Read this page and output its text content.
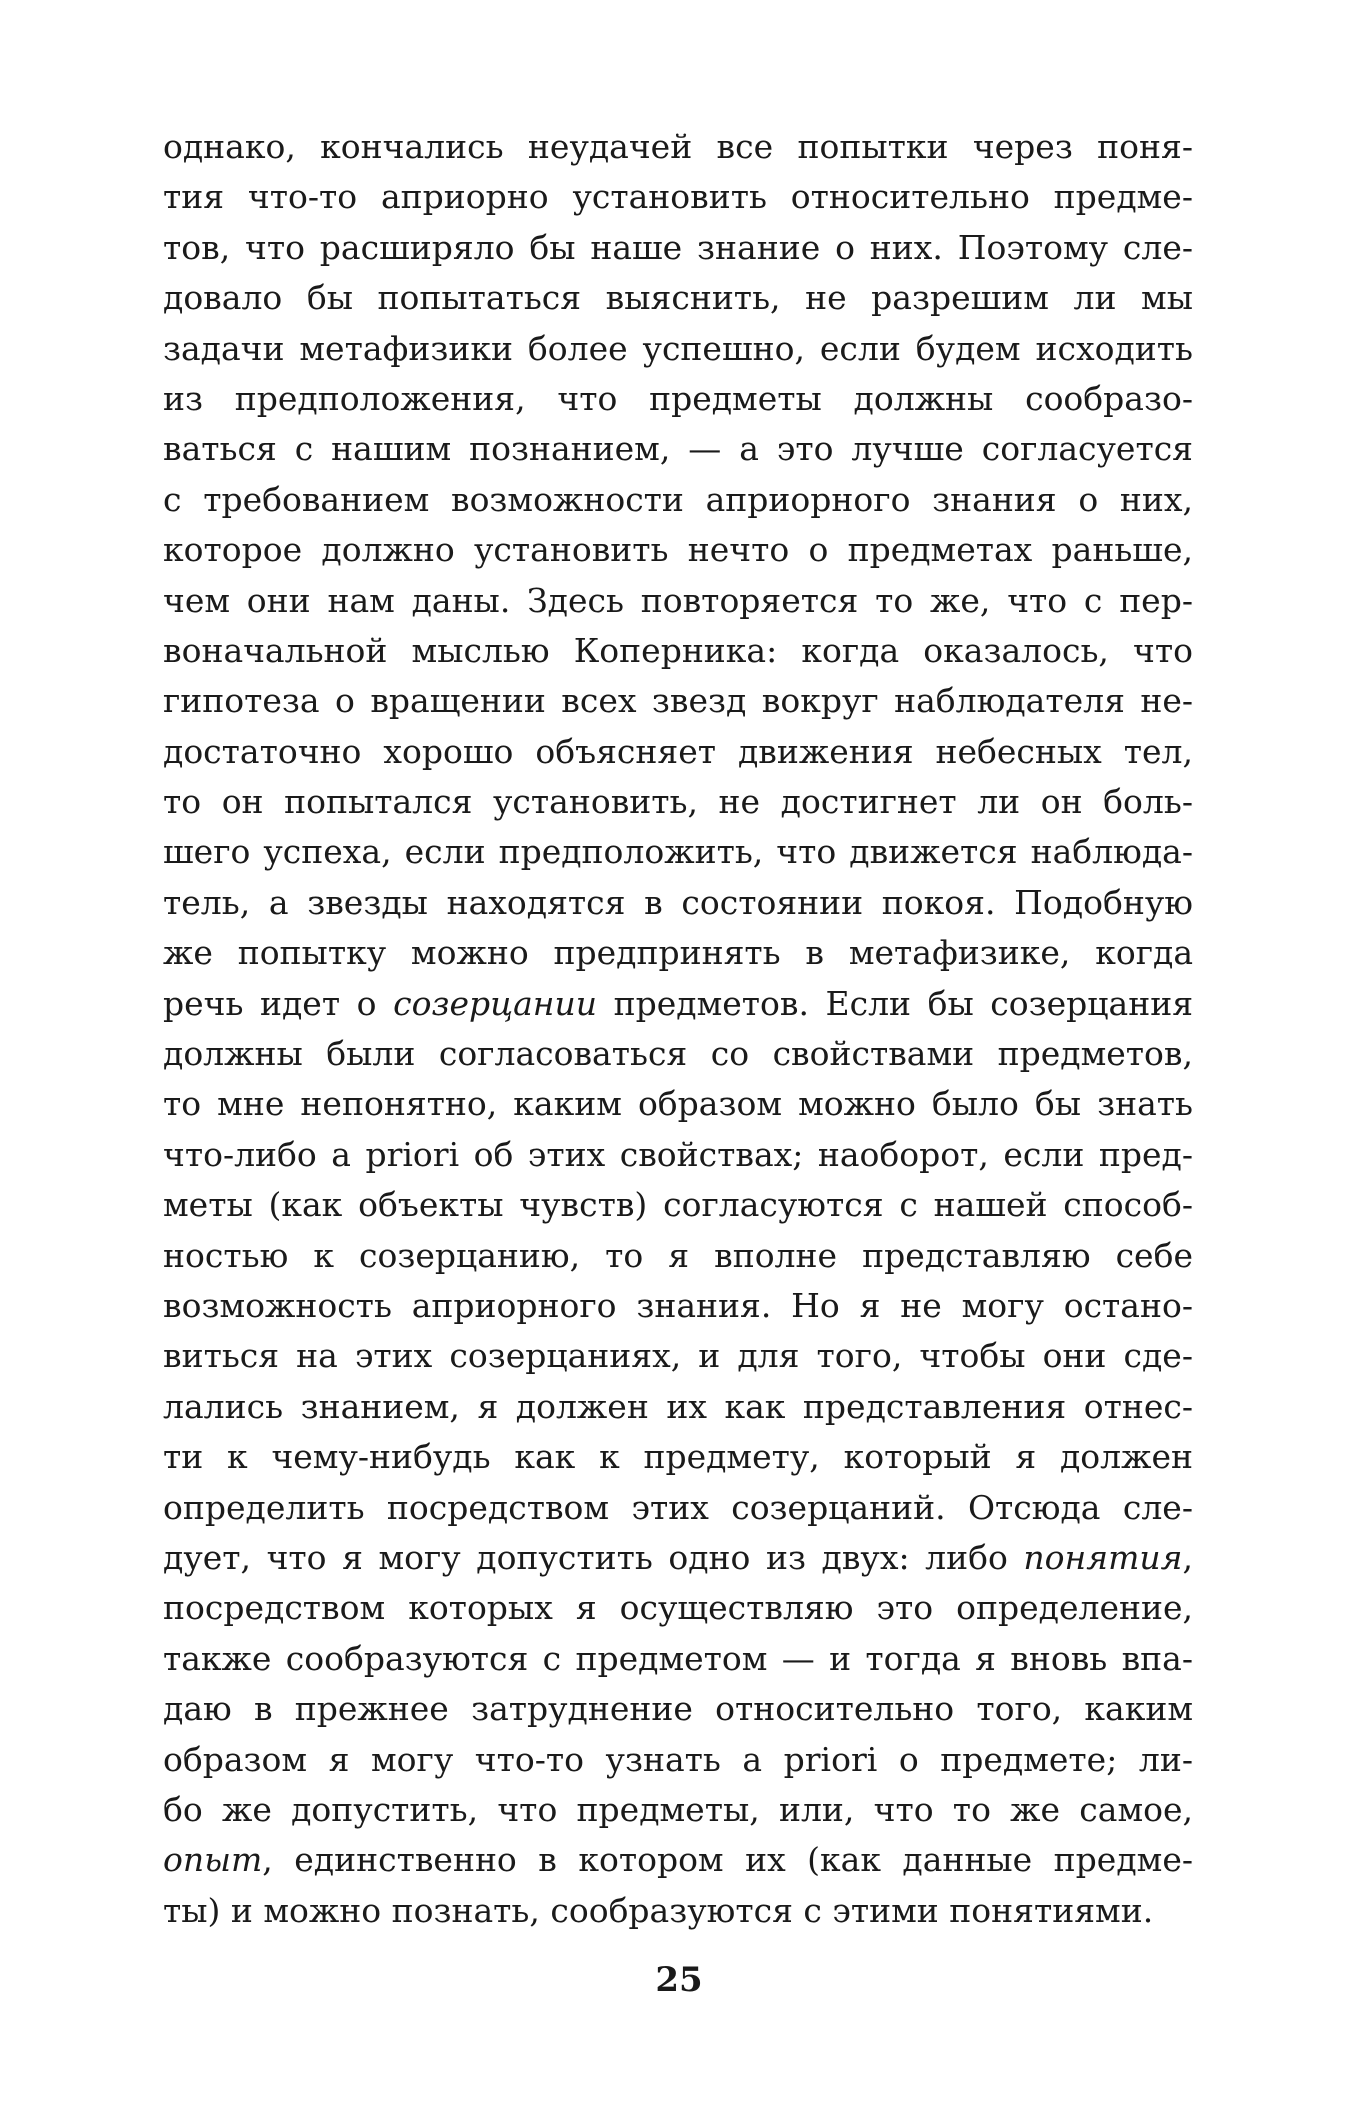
однако, кончались неудачей все попытки через поня-
тия что-то априорно установить относительно предме-
тов, что расширяло бы наше знание о них. Поэтому сле-
довало бы попытаться выяснить, не разрешим ли мы
задачи метафизики более успешно, если будем исходить
из предположения, что предметы должны сообразо-
ваться с нашим познанием, — а это лучше согласуется
с требованием возможности априорного знания о них,
которое должно установить нечто о предметах раньше,
чем они нам даны. Здесь повторяется то же, что с пер-
воначальной мыслью Коперника: когда оказалось, что
гипотеза о вращении всех звезд вокруг наблюдателя не-
достаточно хорошо объясняет движения небесных тел,
то он попытался установить, не достигнет ли он боль-
шего успеха, если предположить, что движется наблюда-
тель, а звезды находятся в состоянии покоя. Подобную
же попытку можно предпринять в метафизике, когда
речь идет о созерцании предметов. Если бы созерцания
должны были согласоваться со свойствами предметов,
то мне непонятно, каким образом можно было бы знать
что-либо a priori об этих свойствах; наоборот, если пред-
меты (как объекты чувств) согласуются с нашей способ-
ностью к созерцанию, то я вполне представляю себе
возможность априорного знания. Но я не могу остано-
виться на этих созерцаниях, и для того, чтобы они сде-
лались знанием, я должен их как представления отнес-
ти к чему-нибудь как к предмету, который я должен
определить посредством этих созерцаний. Отсюда сле-
дует, что я могу допустить одно из двух: либо понятия,
посредством которых я осуществляю это определение,
также сообразуются с предметом — и тогда я вновь впа-
даю в прежнее затруднение относительно того, каким
образом я могу что-то узнать a priori о предмете; ли-
бо же допустить, что предметы, или, что то же самое,
опыт, единственно в котором их (как данные предме-
ты) и можно познать, сообразуются с этими понятиями.
25
